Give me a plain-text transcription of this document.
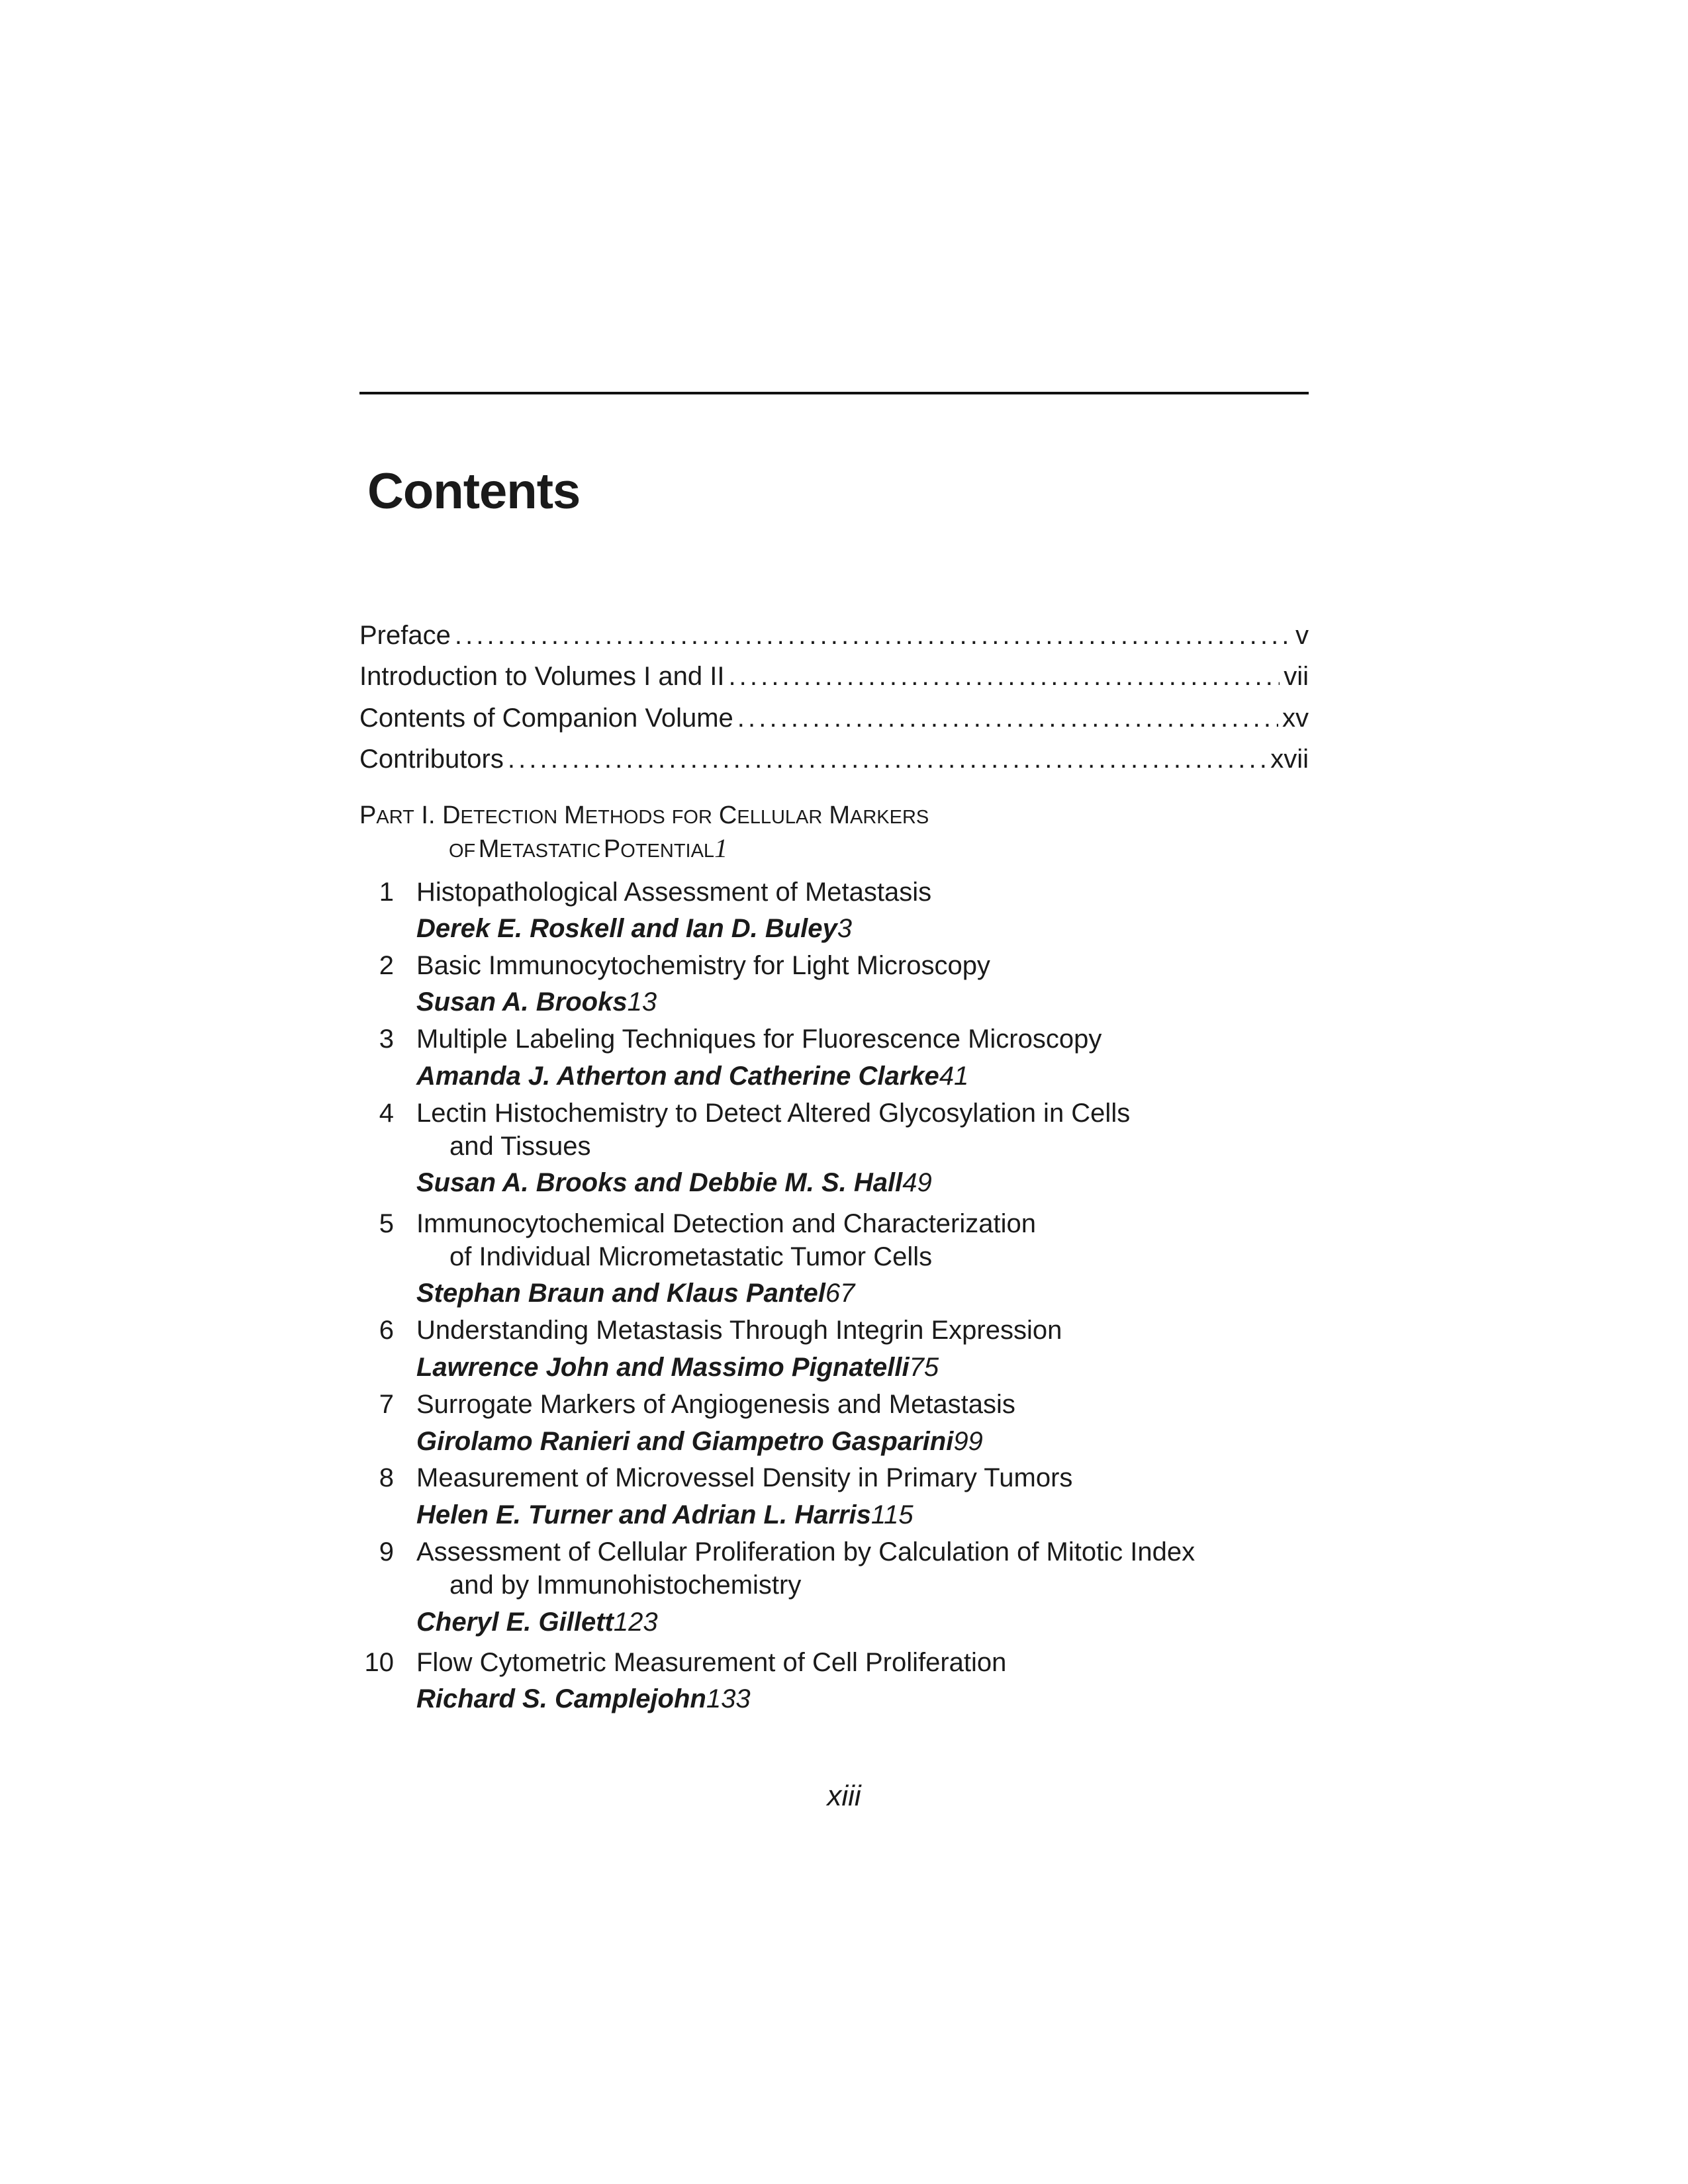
Contents
Preface . . .	v
Introduction to Volumes I and II . . .	vii
Contents of Companion Volume . . .	xv
Contributors . . .	xvii
PART I. DETECTION METHODS FOR CELLULAR MARKERS
OF METASTATIC POTENTIAL 1
1 Histopathological Assessment of Metastasis
Derek E. Roskell and Ian D. Buley 3
2 Basic Immunocytochemistry for Light Microscopy
Susan A. Brooks 13
3 Multiple Labeling Techniques for Fluorescence Microscopy
Amanda J. Atherton and Catherine Clarke 41
4 Lectin Histochemistry to Detect Altered Glycosylation in Cells
and Tissues
Susan A. Brooks and Debbie M. S. Hall 49
5 Immunocytochemical Detection and Characterization
of Individual Micrometastatic Tumor Cells
Stephan Braun and Klaus Pantel 67
6 Understanding Metastasis Through Integrin Expression
Lawrence John and Massimo Pignatelli 75
7 Surrogate Markers of Angiogenesis and Metastasis
Girolamo Ranieri and Giampetro Gasparini 99
8 Measurement of Microvessel Density in Primary Tumors
Helen E. Turner and Adrian L. Harris 115
9 Assessment of Cellular Proliferation by Calculation of Mitotic Index
and by Immunohistochemistry
Cheryl E. Gillett 123
10 Flow Cytometric Measurement of Cell Proliferation
Richard S. Camplejohn 133
xiii
